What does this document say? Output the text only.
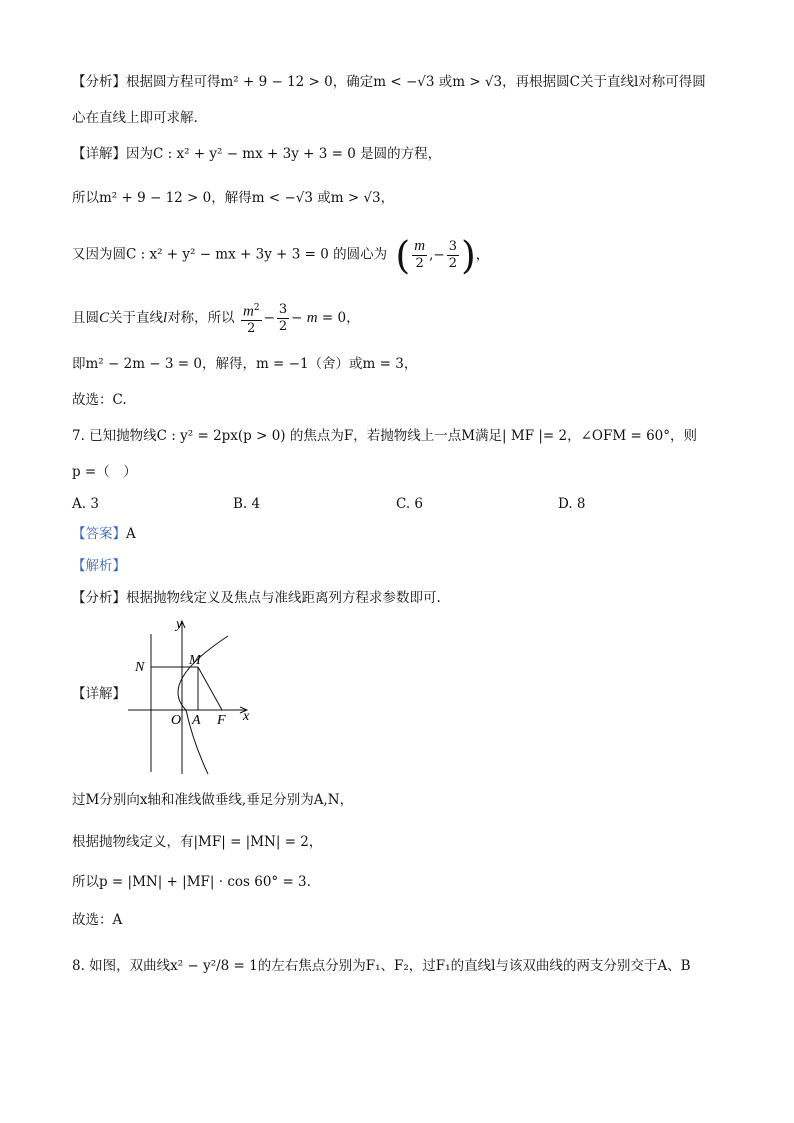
【分析】根据圆方程可得m² + 9 − 12 > 0，确定m < −√3 或m > √3，再根据圆C关于直线l对称可得圆
心在直线上即可求解.
【详解】因为C : x² + y² − mx + 3y + 3 = 0 是圆的方程，
所以m² + 9 − 12 > 0，解得m < −√3 或m > √3，
又因为圆C : x² + y² − mx + 3y + 3 = 0 的圆心为 ( $\frac{m}{2}$ ,− $\frac{3}{2}$ )，
且圆C关于直线l对称，所以 $\frac{m^2}{2} - \frac{3}{2} - m = 0$，
即m² − 2m − 3 = 0，解得，m = −1（舍）或m = 3，
故选：C.
7. 已知抛物线C : y² = 2px(p > 0) 的焦点为F，若抛物线上一点M满足| MF |= 2，∠OFM = 60°，则
p =（　）
A. 3	B. 4	C. 6	D. 8
【答案】A
【解析】
【分析】根据抛物线定义及焦点与准线距离列方程求参数即可.
【详解】
y
x
N	M
O A F
过M分别向x轴和准线做垂线,垂足分别为A,N，
根据抛物线定义，有|MF| = |MN| = 2，
所以p = |MN| + |MF| · cos 60° = 3.
故选：A
8. 如图，双曲线x² − y²/8 = 1的左右焦点分别为F₁、F₂，过F₁的直线l与该双曲线的两支分别交于A、B
